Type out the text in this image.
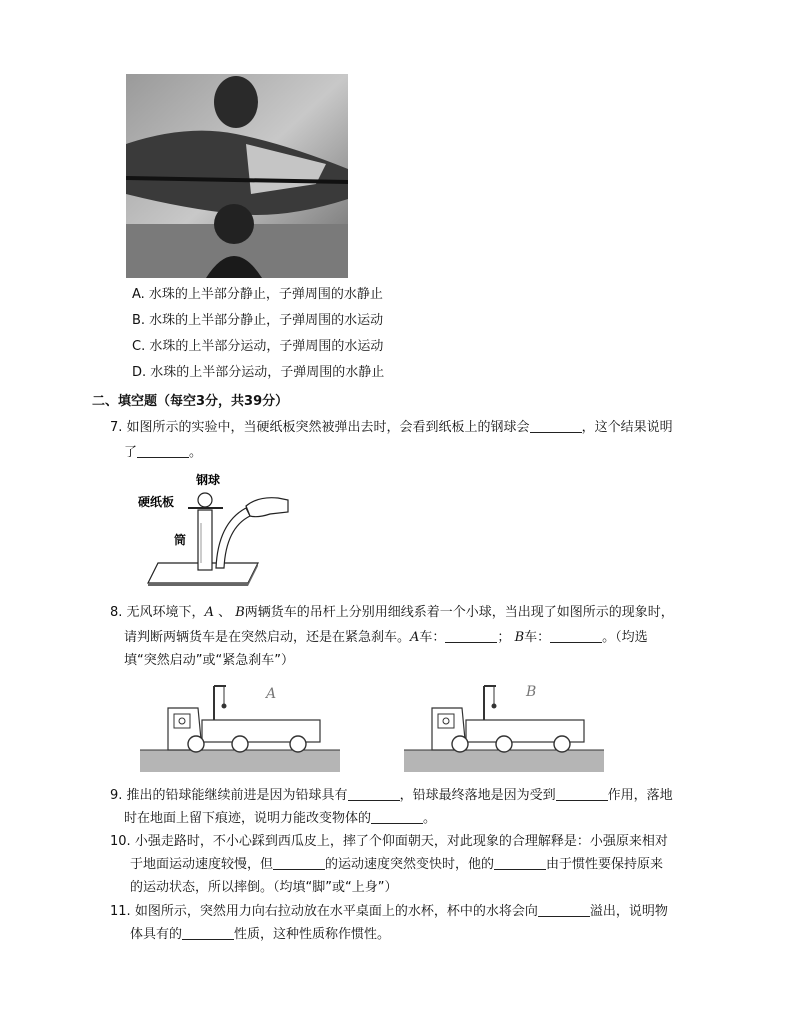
A. 水珠的上半部分静止，子弹周围的水静止
B. 水珠的上半部分静止，子弹周围的水运动
C. 水珠的上半部分运动，子弹周围的水运动
D. 水珠的上半部分运动，子弹周围的水静止
二、填空题（每空3分，共39分）
7. 如图所示的实验中，当硬纸板突然被弹出去时，会看到纸板上的钢球会	，这个结果说明
了	。
钢球
硬纸板
筒
8. 无风环境下，A 、 B两辆货车的吊杆上分别用细线系着一个小球，当出现了如图所示的现象时，
请判断两辆货车是在突然启动，还是在紧急刹车。A车：	； B车：	。（均选
填“突然启动”或“紧急刹车”）
A	B
9. 推出的铅球能继续前进是因为铅球具有	，铅球最终落地是因为受到	作用，落地
时在地面上留下痕迹，说明力能改变物体的	。
10. 小强走路时，不小心踩到西瓜皮上，摔了个仰面朝天，对此现象的合理解释是：小强原来相对
于地面运动速度较慢，但	的运动速度突然变快时，他的	由于惯性要保持原来
的运动状态，所以摔倒。（均填“脚”或“上身”）
11. 如图所示，突然用力向右拉动放在水平桌面上的水杯，杯中的水将会向	溢出，说明物
体具有的	性质，这种性质称作惯性。
